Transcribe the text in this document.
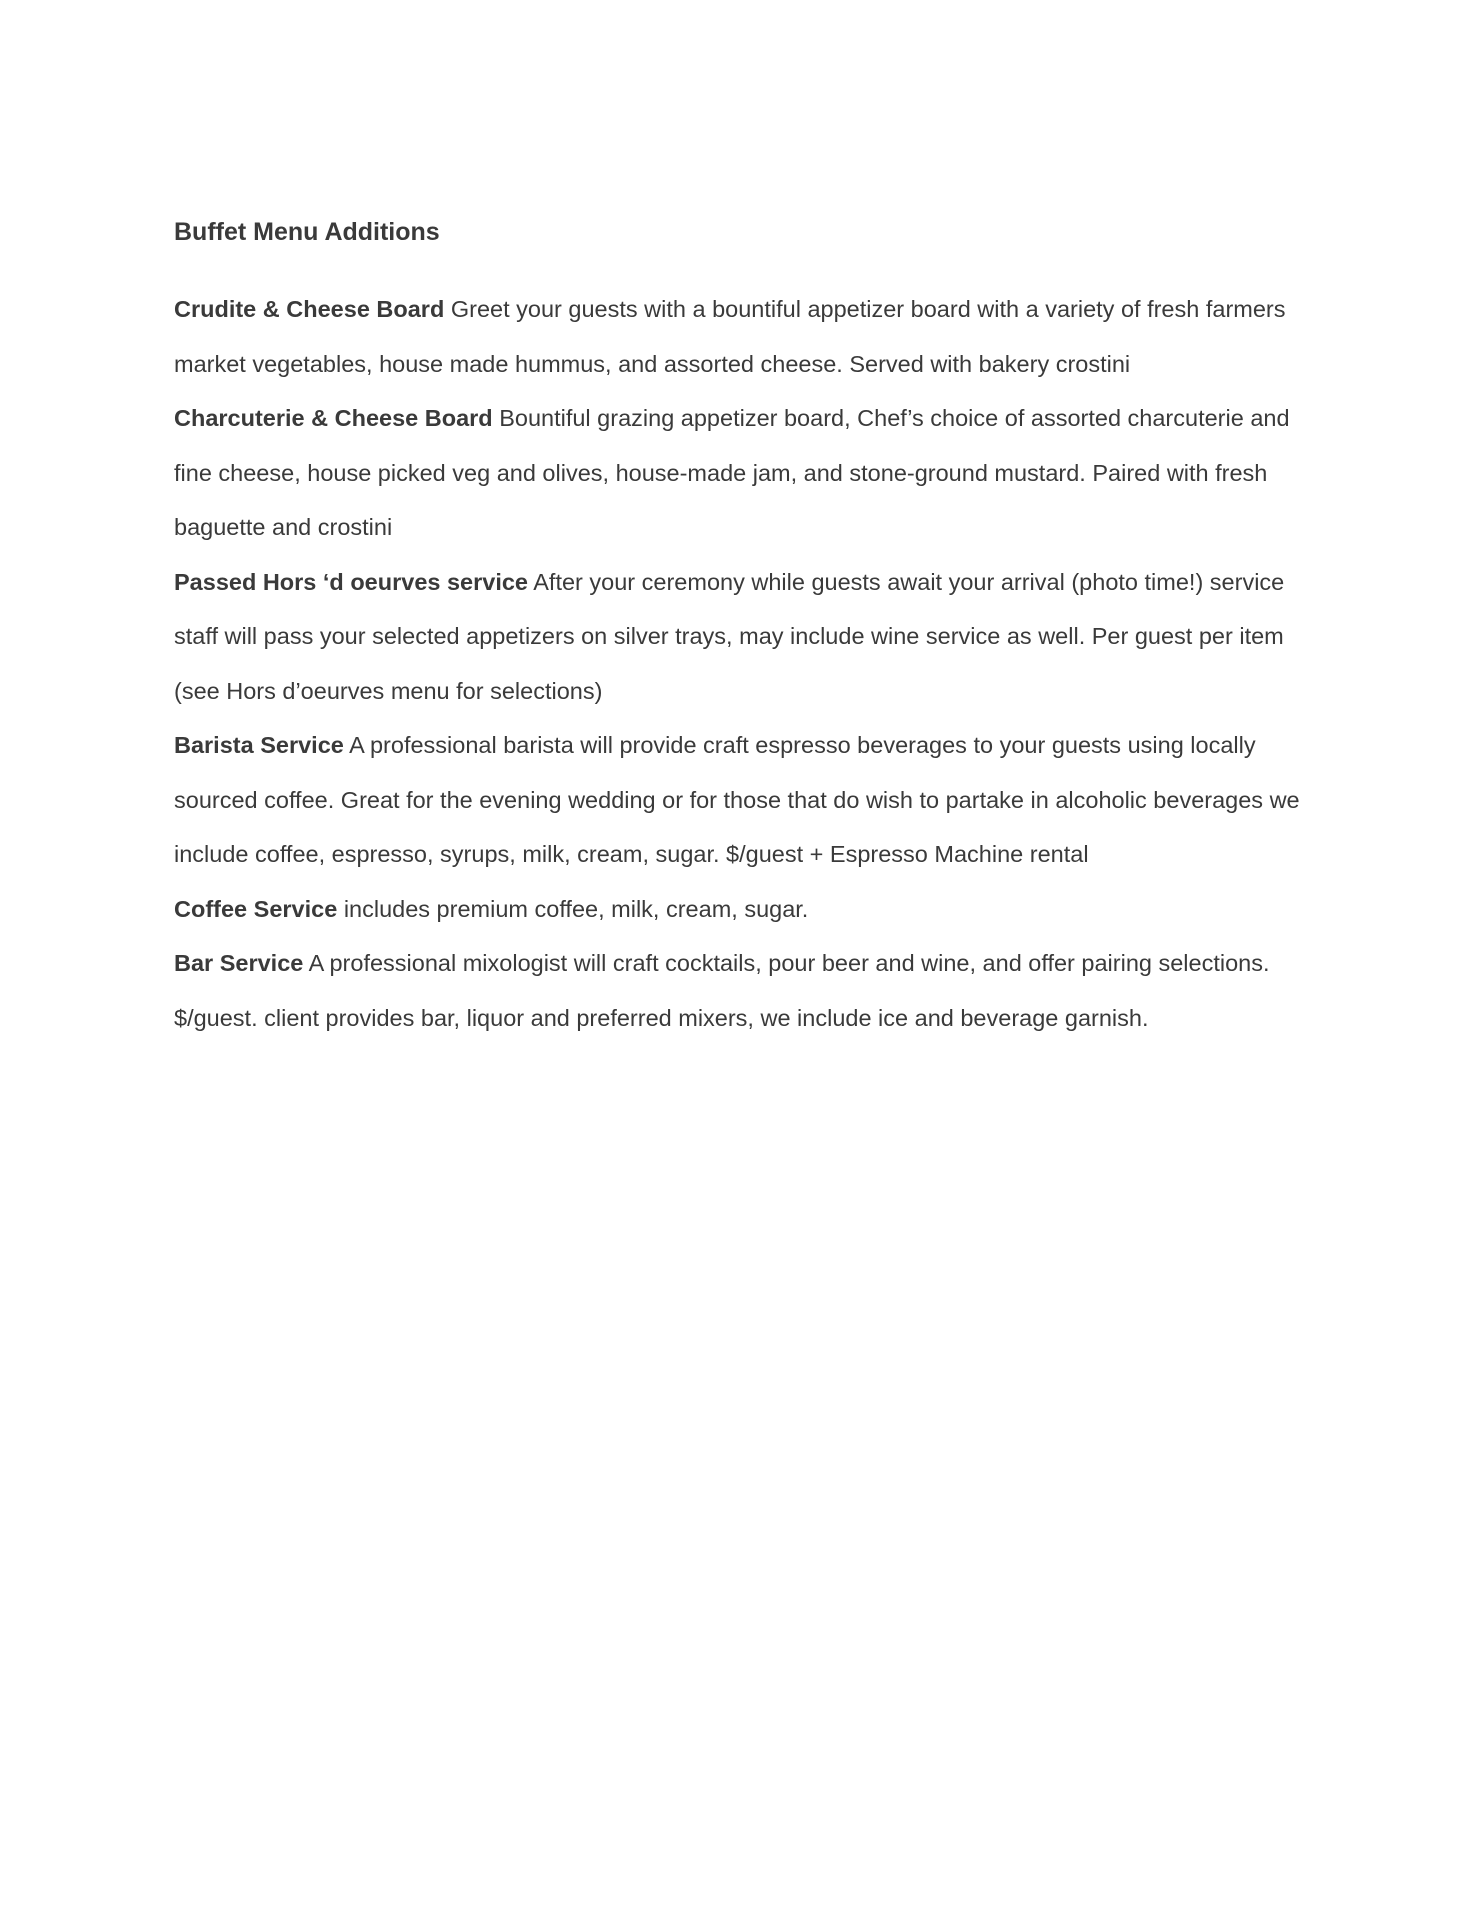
Buffet Menu Additions

Crudite & Cheese Board Greet your guests with a bountiful appetizer board with a variety of fresh farmers market vegetables, house made hummus, and assorted cheese. Served with bakery crostini

Charcuterie & Cheese Board Bountiful grazing appetizer board, Chef’s choice of assorted charcuterie and fine cheese, house picked veg and olives, house-made jam, and stone-ground mustard. Paired with fresh baguette and crostini

Passed Hors ‘d oeurves service After your ceremony while guests await your arrival (photo time!) service staff will pass your selected appetizers on silver trays, may include wine service as well. Per guest per item (see Hors d’oeurves menu for selections)

Barista Service A professional barista will provide craft espresso beverages to your guests using locally sourced coffee. Great for the evening wedding or for those that do wish to partake in alcoholic beverages we include coffee, espresso, syrups, milk, cream, sugar. $/guest + Espresso Machine rental

Coffee Service includes premium coffee, milk, cream, sugar.

Bar Service A professional mixologist will craft cocktails, pour beer and wine, and offer pairing selections. $/guest. client provides bar, liquor and preferred mixers, we include ice and beverage garnish.
